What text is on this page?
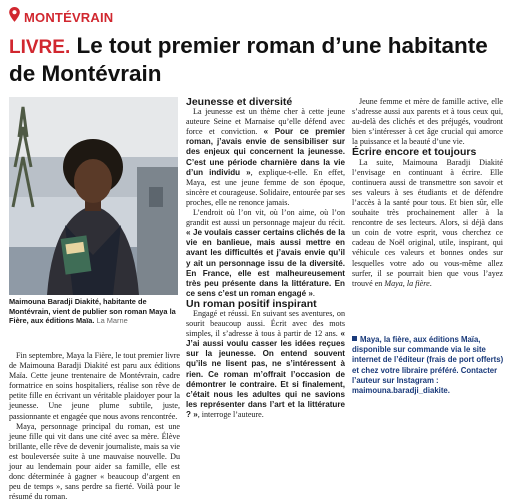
MONTÉVRAIN
LIVRE. Le tout premier roman d’une habitante de Montévrain
Maimouna Baradji Diakité, habitante de Montévrain, vient de publier son roman Maya la Fière, aux éditions Maïa. La Marne

Fin septembre, Maya la Fière, le tout premier livre de Maimouna Baradji Diakité est paru aux éditions Maïa. Cette jeune trentenaire de Montévrain, cadre formatrice en soins hospitaliers, réalise son rêve de petite fille en écrivant un véritable plaidoyer pour la jeunesse. Une jeune plume subtile, juste, passionnante et engagée que nous avons rencontrée.

Maya, personnage principal du roman, est une jeune fille qui vit dans une cité avec sa mère. Élève brillante, elle rêve de devenir journaliste, mais sa vie est bouleversée suite à une mauvaise nouvelle. Du jour au lendemain pour aider sa famille, elle est donc déterminée à gagner « beaucoup d’argent en peu de temps », sans perdre sa fierté. Voilà pour le résumé du roman.

Jeunesse et diversité

La jeunesse est un thème cher à cette jeune auteure Seine et Marnaise qu’elle défend avec force et conviction. « Pour ce premier roman, j’avais envie de sensibiliser sur des enjeux qui concernent la jeunesse. C’est une période charnière dans la vie d’un individu », explique-t-elle. En effet, Maya, est une jeune femme de son époque, sincère et courageuse. Solidaire, entourée par ses proches, elle ne renonce jamais.

L’endroit où l’on vit, où l’on aime, où l’on grandit est aussi un personnage majeur du récit. « Je voulais casser certains clichés de la vie en banlieue, mais aussi mettre en avant les difficultés et j’avais envie qu’il y ait un personnage issu de la diversité. En France, elle est malheureusement très peu présente dans la littérature. En ce sens c’est un roman engagé ».

Un roman positif inspirant

Engagé et réussi. En suivant ses aventures, on sourit beaucoup aussi. Écrit avec des mots simples, il s’adresse à tous à partir de 12 ans. « J’ai aussi voulu casser les idées reçues sur la jeunesse. On entend souvent qu’ils ne lisent pas, ne s’intéressent à rien. Ce roman m’offrait l’occasion de démontrer le contraire. Et si finalement, c’était nous les adultes qui ne savions les représenter dans l’art et la littérature ? », interroge l’auteure.

Jeune femme et mère de famille active, elle s’adresse aussi aux parents et à tous ceux qui, au-delà des clichés et des préjugés, voudront bien s’intéresser à cet âge crucial qui amorce la puissance et la beauté d’une vie.

Écrire encore et toujours

La suite, Maimouna Baradji Diakité l’envisage en continuant à écrire. Elle continuera aussi de transmettre son savoir et ses valeurs à ses étudiants et de défendre l’accès à la santé pour tous. Et bien sûr, elle souhaite très prochainement aller à la rencontre de ses lecteurs. Alors, si déjà dans un coin de votre esprit, vous cherchez ce cadeau de Noël original, utile, inspirant, qui véhicule ces valeurs et bonnes ondes sur lesquelles votre ado ou vous-même allez surfer, il se pourrait bien que vous l’ayez trouvé en Maya, la fière.

Maya, la fière, aux éditions Maïa, disponible sur commande via le site internet de l’éditeur (frais de port offerts) et chez votre libraire préféré. Contacter l’auteur sur Instagram : maimouna.baradji_diakite.
